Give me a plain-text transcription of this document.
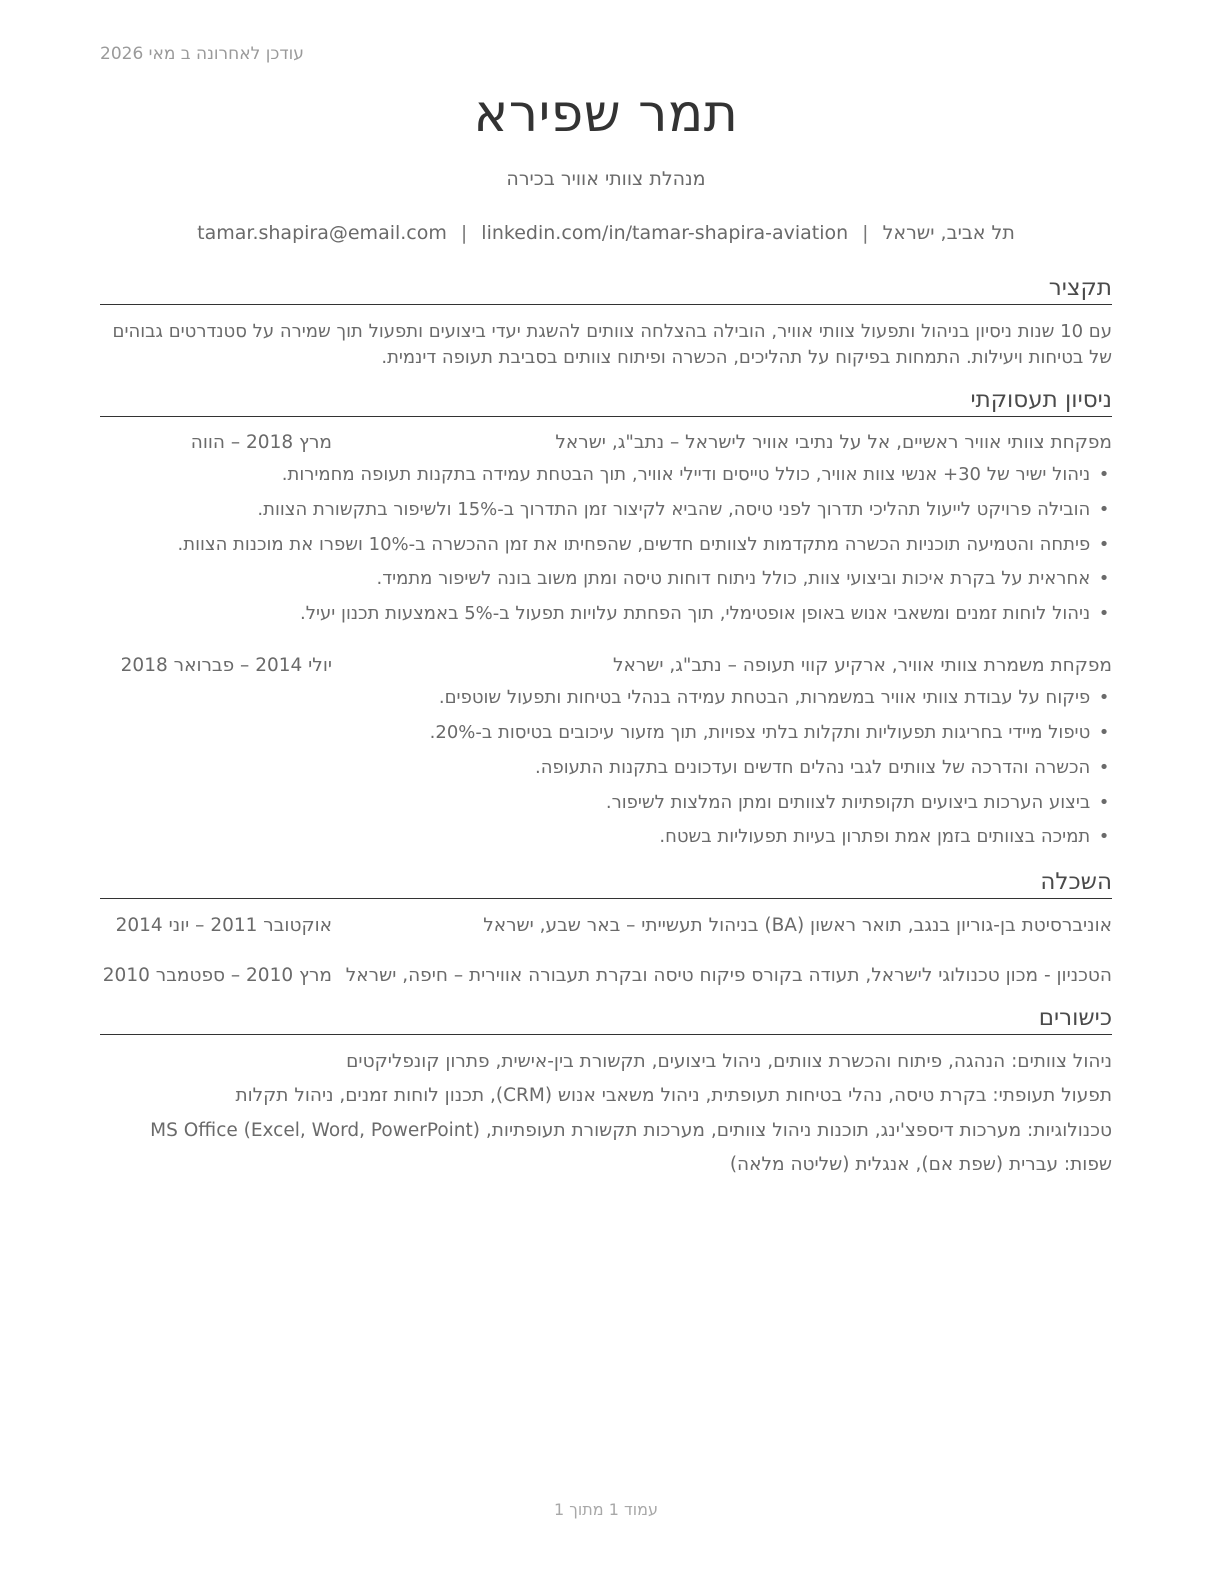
עודכן לאחרונה ב מאי 2026
תמר שפירא
מנהלת צוותי אוויר בכירה
תל אביב, ישראל|tamar.shapira@email.com | linkedin.com/in/tamar-shapira-aviation
תקציר
עם 10 שנות ניסיון בניהול ותפעול צוותי אוויר, הובילה בהצלחה צוותים להשגת יעדי ביצועים ותפעול תוך שמירה על סטנדרטים גבוהים
של בטיחות ויעילות. התמחות בפיקוח על תהליכים, הכשרה ופיתוח צוותים בסביבת תעופה דינמית.
ניסיון תעסוקתי
מפקחת צוותי אוויר ראשיים, אל על נתיבי אוויר לישראל – נתב"ג, ישראל
מרץ 2018 – הווה
• ניהול ישיר של 30+ אנשי צוות אוויר, כולל טייסים ודיילי אוויר, תוך הבטחת עמידה בתקנות תעופה מחמירות.
• הובילה פרויקט לייעול תהליכי תדרוך לפני טיסה, שהביא לקיצור זמן התדרוך ב-15% ולשיפור בתקשורת הצוות.
• פיתחה והטמיעה תוכניות הכשרה מתקדמות לצוותים חדשים, שהפחיתו את זמן ההכשרה ב-10% ושפרו את מוכנות הצוות.
• אחראית על בקרת איכות וביצועי צוות, כולל ניתוח דוחות טיסה ומתן משוב בונה לשיפור מתמיד.
• ניהול לוחות זמנים ומשאבי אנוש באופן אופטימלי, תוך הפחתת עלויות תפעול ב-5% באמצעות תכנון יעיל.
מפקחת משמרת צוותי אוויר, ארקיע קווי תעופה – נתב"ג, ישראל
יולי 2014 – פברואר 2018
• פיקוח על עבודת צוותי אוויר במשמרות, הבטחת עמידה בנהלי בטיחות ותפעול שוטפים.
• טיפול מיידי בחריגות תפעוליות ותקלות בלתי צפויות, תוך מזעור עיכובים בטיסות ב-20%.
• הכשרה והדרכה של צוותים לגבי נהלים חדשים ועדכונים בתקנות התעופה.
• ביצוע הערכות ביצועים תקופתיות לצוותים ומתן המלצות לשיפור.
• תמיכה בצוותים בזמן אמת ופתרון בעיות תפעוליות בשטח.
השכלה
אוניברסיטת בן-גוריון בנגב, תואר ראשון (BA) בניהול תעשייתי – באר שבע, ישראל
אוקטובר 2011 – יוני 2014
הטכניון - מכון טכנולוגי לישראל, תעודה בקורס פיקוח טיסה ובקרת תעבורה אווירית – חיפה, ישראל
מרץ 2010 – ספטמבר 2010
כישורים
ניהול צוותים: הנהגה, פיתוח והכשרת צוותים, ניהול ביצועים, תקשורת בין-אישית, פתרון קונפליקטים
תפעול תעופתי: בקרת טיסה, נהלי בטיחות תעופתית, ניהול משאבי אנוש (CRM), תכנון לוחות זמנים, ניהול תקלות
טכנולוגיות: מערכות דיספצ'ינג, תוכנות ניהול צוותים, מערכות תקשורת תעופתיות, MS Office (Excel, Word, PowerPoint)
שפות: עברית (שפת אם), אנגלית (שליטה מלאה)
עמוד 1 מתוך 1
